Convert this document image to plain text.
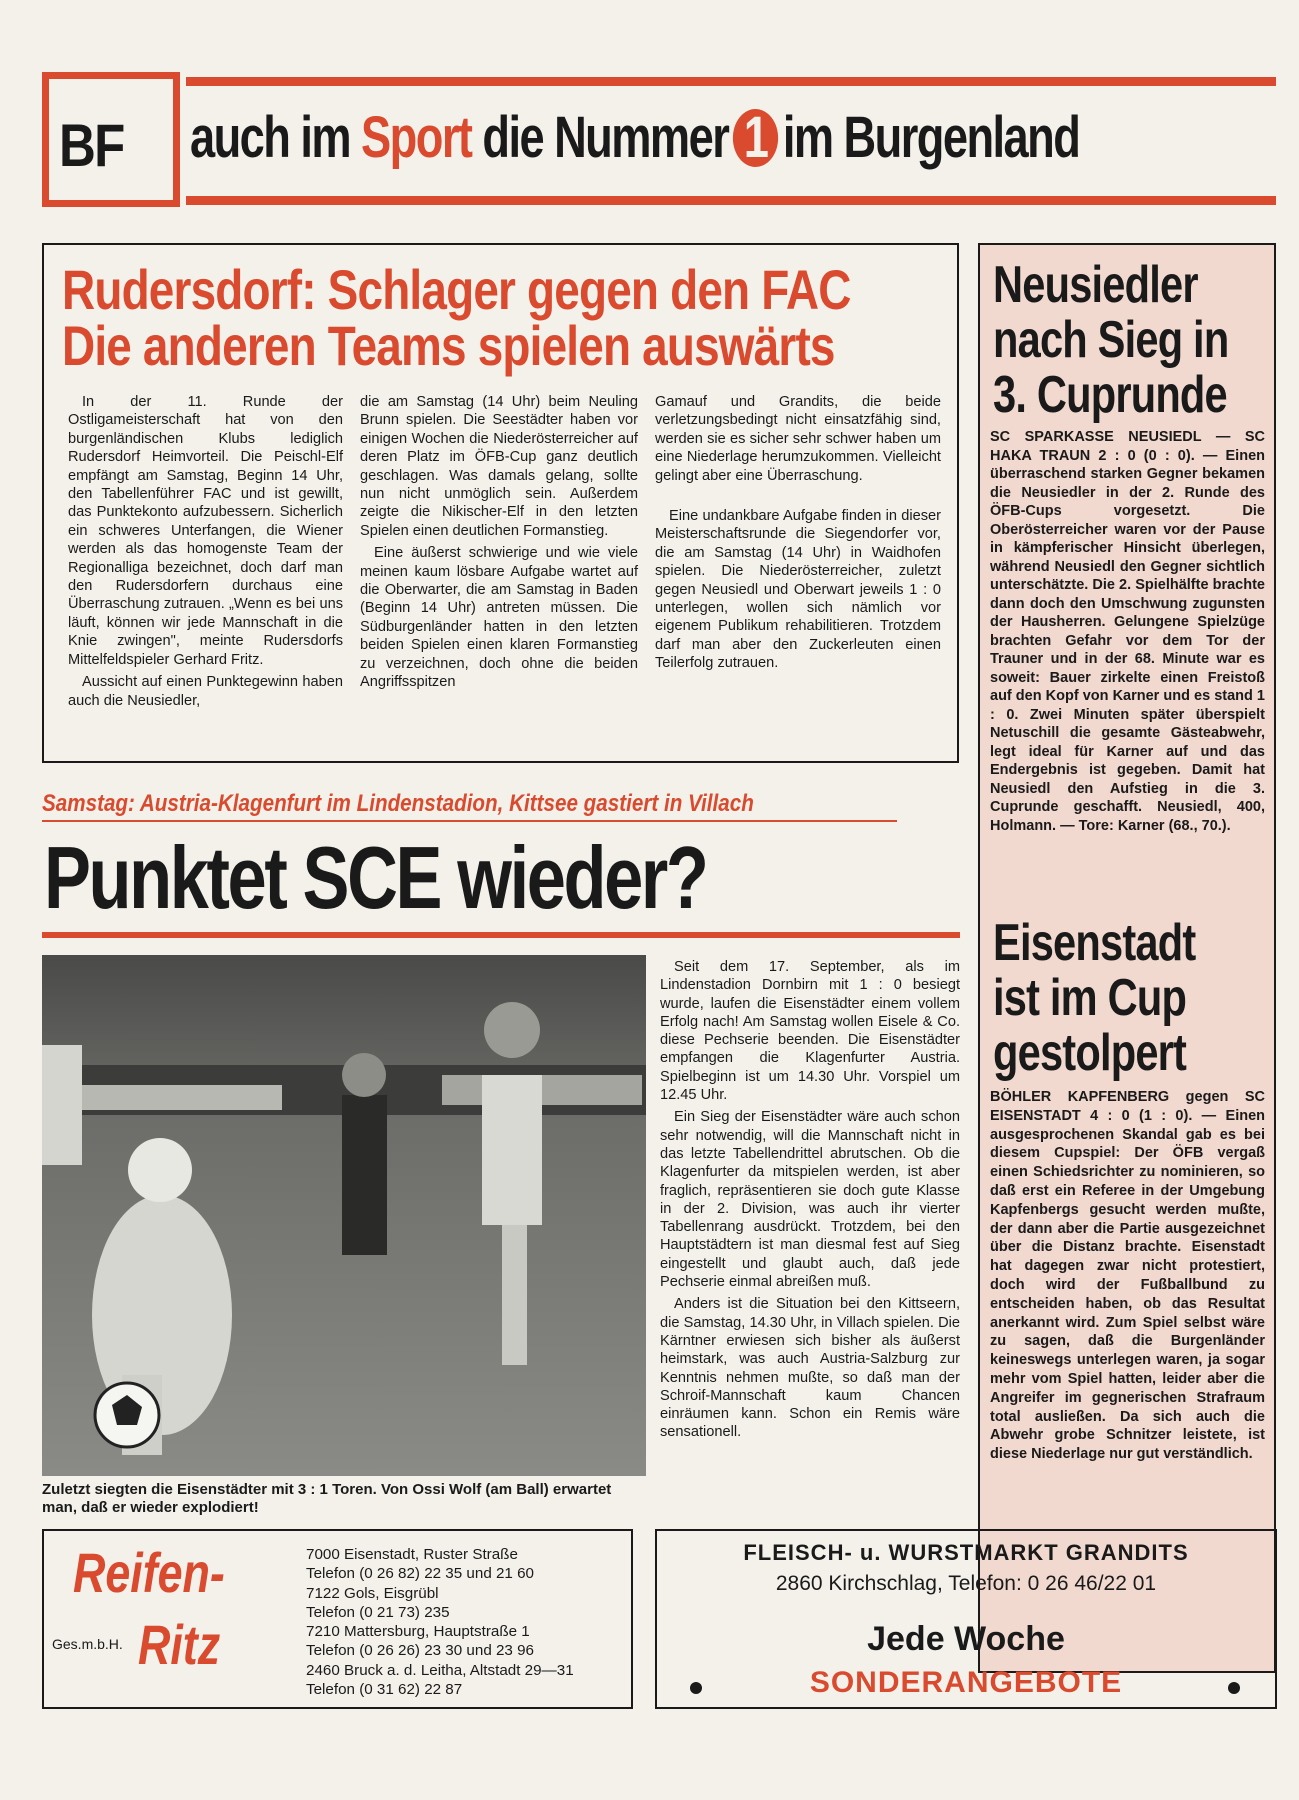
BF auch im Sport die Nummer 1 im Burgenland
Rudersdorf: Schlager gegen den FAC
Die anderen Teams spielen auswärts

In der 11. Runde der Ostligameisterschaft hat von den burgenländischen Klubs lediglich Rudersdorf Heimvorteil. Die Peischl-Elf empfängt am Samstag, Beginn 14 Uhr, den Tabellenführer FAC und ist gewillt, das Punktekonto aufzubessern. Sicherlich ein schweres Unterfangen, die Wiener werden als das homogenste Team der Regionalliga bezeichnet, doch darf man den Rudersdorfern durchaus eine Überraschung zutrauen. „Wenn es bei uns läuft, können wir jede Mannschaft in die Knie zwingen", meinte Rudersdorfs Mittelfeldspieler Gerhard Fritz.

Aussicht auf einen Punktegewinn haben auch die Neusiedler,

die am Samstag (14 Uhr) beim Neuling Brunn spielen. Die Seestädter haben vor einigen Wochen die Niederösterreicher auf deren Platz im ÖFB-Cup ganz deutlich geschlagen. Was damals gelang, sollte nun nicht unmöglich sein. Außerdem zeigte die Nikischer-Elf in den letzten Spielen einen deutlichen Formanstieg.

Eine äußerst schwierige und wie viele meinen kaum lösbare Aufgabe wartet auf die Oberwarter, die am Samstag in Baden (Beginn 14 Uhr) antreten müssen. Die Südburgenländer hatten in den letzten beiden Spielen einen klaren Formanstieg zu verzeichnen, doch ohne die beiden Angriffsspitzen

Gamauf und Grandits, die beide verletzungsbedingt nicht einsatzfähig sind, werden sie es sicher sehr schwer haben um eine Niederlage herumzukommen. Vielleicht gelingt aber eine Überraschung.

Eine undankbare Aufgabe finden in dieser Meisterschaftsrunde die Siegendorfer vor, die am Samstag (14 Uhr) in Waidhofen spielen. Die Niederösterreicher, zuletzt gegen Neusiedl und Oberwart jeweils 1 : 0 unterlegen, wollen sich nämlich vor eigenem Publikum rehabilitieren. Trotzdem darf man aber den Zuckerleuten einen Teilerfolg zutrauen.

Samstag: Austria-Klagenfurt im Lindenstadion, Kittsee gastiert in Villach
Punktet SCE wieder?
Zuletzt siegten die Eisenstädter mit 3 : 1 Toren. Von Ossi Wolf (am Ball) erwartet man, daß er wieder explodiert!

Seit dem 17. September, als im Lindenstadion Dornbirn mit 1 : 0 besiegt wurde, laufen die Eisenstädter einem vollem Erfolg nach! Am Samstag wollen Eisele & Co. diese Pechserie beenden. Die Eisenstädter empfangen die Klagenfurter Austria. Spielbeginn ist um 14.30 Uhr. Vorspiel um 12.45 Uhr.

Ein Sieg der Eisenstädter wäre auch schon sehr notwendig, will die Mannschaft nicht in das letzte Tabellendrittel abrutschen. Ob die Klagenfurter da mitspielen werden, ist aber fraglich, repräsentieren sie doch gute Klasse in der 2. Division, was auch ihr vierter Tabellenrang ausdrückt. Trotzdem, bei den Hauptstädtern ist man diesmal fest auf Sieg eingestellt und glaubt auch, daß jede Pechserie einmal abreißen muß.

Anders ist die Situation bei den Kittseern, die Samstag, 14.30 Uhr, in Villach spielen. Die Kärntner erwiesen sich bisher als äußerst heimstark, was auch Austria-Salzburg zur Kenntnis nehmen mußte, so daß man der Schroif-Mannschaft kaum Chancen einräumen kann. Schon ein Remis wäre sensationell.

Neusiedler
nach Sieg in
3. Cuprunde
SC SPARKASSE NEUSIEDL — SC HAKA TRAUN 2 : 0 (0 : 0). — Einen überraschend starken Gegner bekamen die Neusiedler in der 2. Runde des ÖFB-Cups vorgesetzt. Die Oberösterreicher waren vor der Pause in kämpferischer Hinsicht überlegen, während Neusiedl den Gegner sichtlich unterschätzte. Die 2. Spielhälfte brachte dann doch den Umschwung zugunsten der Hausherren. Gelungene Spielzüge brachten Gefahr vor dem Tor der Trauner und in der 68. Minute war es soweit: Bauer zirkelte einen Freistoß auf den Kopf von Karner und es stand 1 : 0. Zwei Minuten später überspielt Netuschill die gesamte Gästeabwehr, legt ideal für Karner auf und das Endergebnis ist gegeben. Damit hat Neusiedl den Aufstieg in die 3. Cuprunde geschafft. Neusiedl, 400, Holmann. — Tore: Karner (68., 70.).
Eisenstadt
ist im Cup
gestolpert
BÖHLER KAPFENBERG gegen SC EISENSTADT 4 : 0 (1 : 0). — Einen ausgesprochenen Skandal gab es bei diesem Cupspiel: Der ÖFB vergaß einen Schiedsrichter zu nominieren, so daß erst ein Referee in der Umgebung Kapfenbergs gesucht werden mußte, der dann aber die Partie ausgezeichnet über die Distanz brachte. Eisenstadt hat dagegen zwar nicht protestiert, doch wird der Fußballbund zu entscheiden haben, ob das Resultat anerkannt wird. Zum Spiel selbst wäre zu sagen, daß die Burgenländer keineswegs unterlegen waren, ja sogar mehr vom Spiel hatten, leider aber die Angreifer im gegnerischen Strafraum total ausließen. Da sich auch die Abwehr grobe Schnitzer leistete, ist diese Niederlage nur gut verständlich.
Reifen-
Ritz
Ges.m.b.H.
7000 Eisenstadt, Ruster Straße
Telefon (0 26 82) 22 35 und 21 60
7122 Gols, Eisgrübl
Telefon (0 21 73) 235
7210 Mattersburg, Hauptstraße 1
Telefon (0 26 26) 23 30 und 23 96
2460 Bruck a. d. Leitha, Altstadt 29—31
Telefon (0 31 62) 22 87
FLEISCH- u. WURSTMARKT GRANDITS
2860 Kirchschlag, Telefon: 0 26 46/22 01
Jede Woche
SONDERANGEBOTE
